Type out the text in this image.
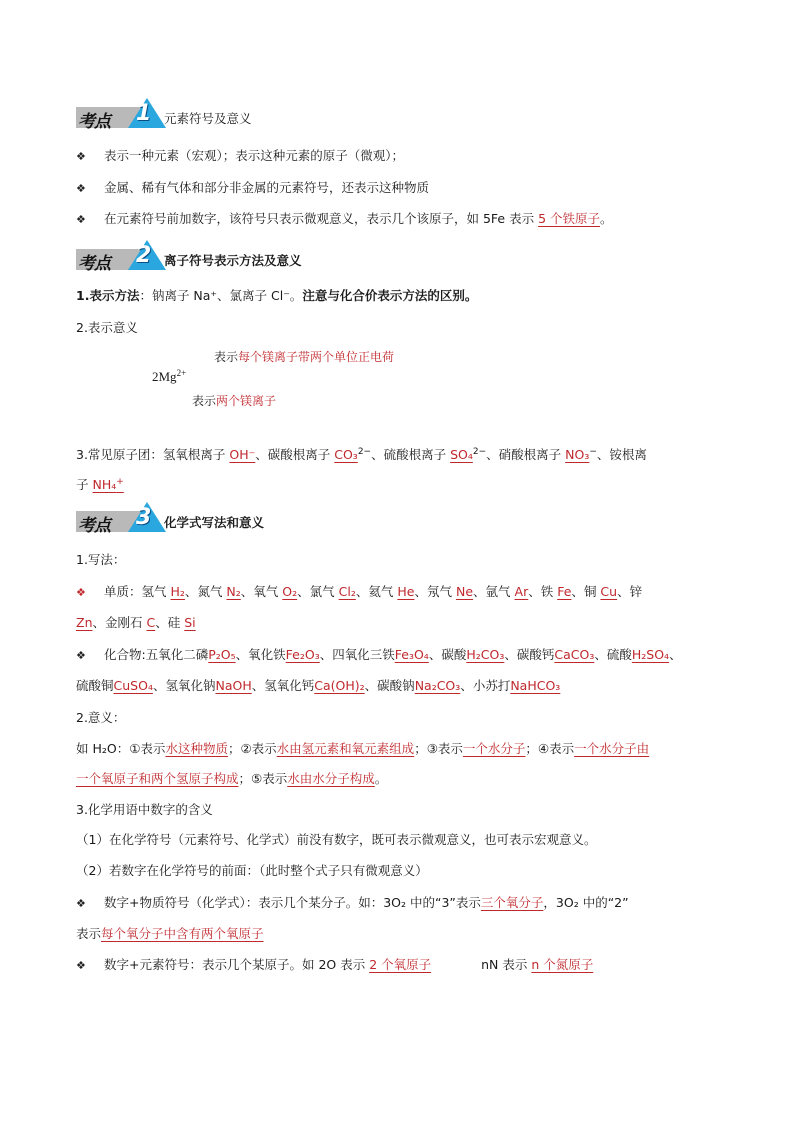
考点 1 元素符号及意义
❖ 表示一种元素（宏观）；表示这种元素的原子（微观）；
❖ 金属、稀有气体和部分非金属的元素符号，还表示这种物质
❖ 在元素符号前加数字，该符号只表示微观意义，表示几个该原子，如 5Fe 表示 5 个铁原子。
考点 2 离子符号表示方法及意义
1.表示方法：钠离子 Na⁺、氯离子 Cl⁻。注意与化合价表示方法的区别。
2.表示意义
表示每个镁离子带两个单位正电荷
$2Mg^{2+}$
表示两个镁离子
3.常见原子团：氢氧根离子 OH⁻、碳酸根离子 CO₃$^{2-}$、硫酸根离子 SO₄$^{2-}$、硝酸根离子 NO₃−、铵根离
子 NH₄+
考点 3 化学式写法和意义
1.写法：
❖ 单质：氢气 H₂、氮气 N₂、氧气 O₂、氯气 Cl₂、氦气 He、氖气 Ne、氩气 Ar、铁 Fe、铜 Cu、锌
Zn、金刚石 C、硅 Si
❖ 化合物:五氧化二磷P₂O₅、氧化铁Fe₂O₃、四氧化三铁Fe₃O₄、碳酸H₂CO₃、碳酸钙CaCO₃、硫酸H₂SO₄、
硫酸铜CuSO₄、氢氧化钠NaOH、氢氧化钙Ca(OH)₂、碳酸钠Na₂CO₃、小苏打NaHCO₃
2.意义：
如 H₂O：①表示水这种物质；②表示水由氢元素和氧元素组成；③表示一个水分子；④表示一个水分子由
一个氧原子和两个氢原子构成；⑤表示水由水分子构成。
3.化学用语中数字的含义
（1）在化学符号（元素符号、化学式）前没有数字，既可表示微观意义，也可表示宏观意义。
（2）若数字在化学符号的前面：（此时整个式子只有微观意义）
❖ 数字+物质符号（化学式）：表示几个某分子。如：3O₂ 中的“3”表示三个氧分子，3O₂ 中的“2”
表示每个氧分子中含有两个氧原子
❖ 数字+元素符号：表示几个某原子。如 2O 表示 2 个氧原子	nN 表示 n 个氮原子
